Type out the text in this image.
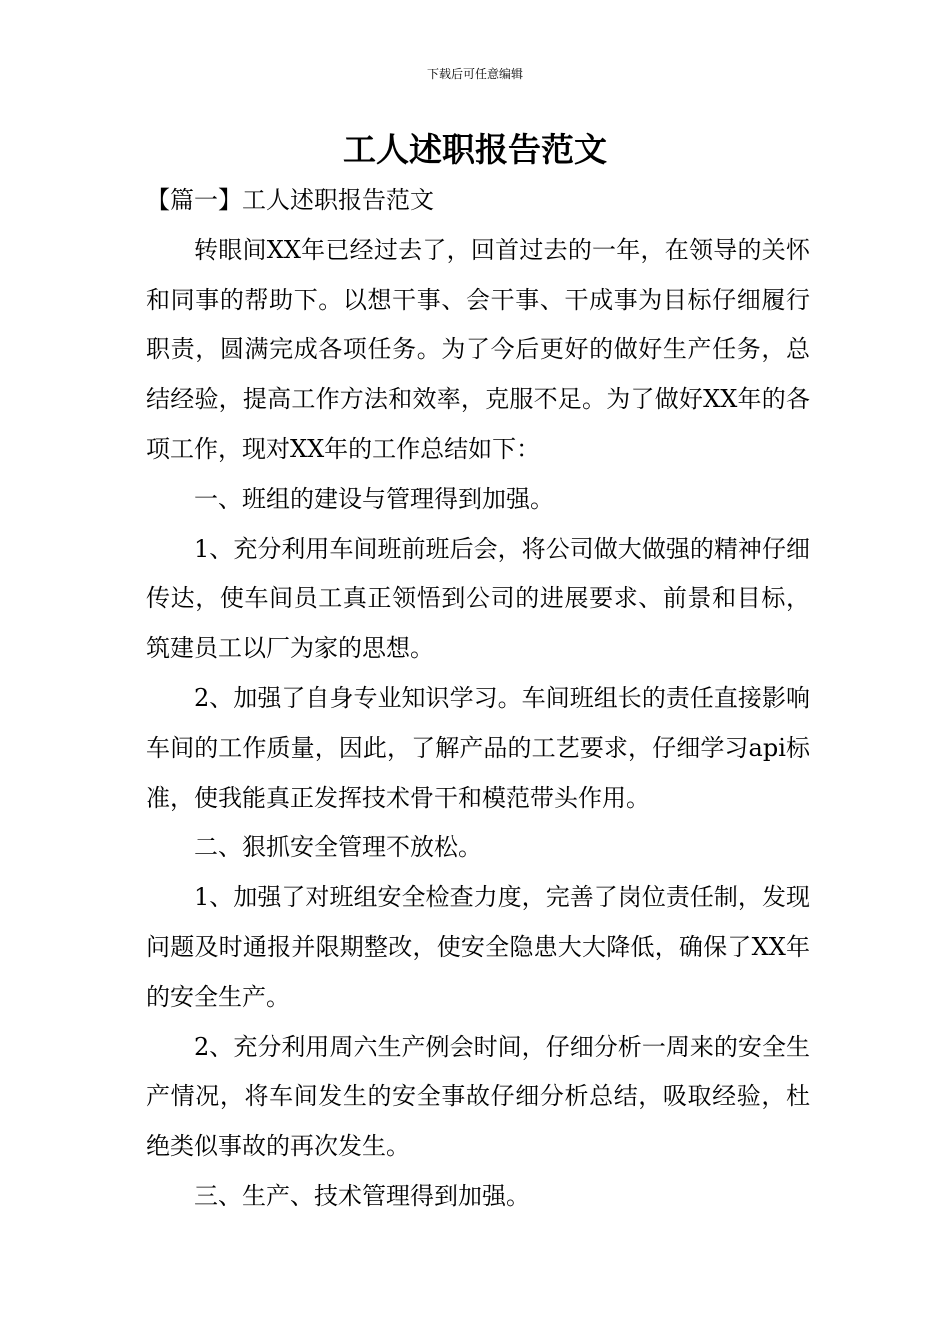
下载后可任意编辑
工人述职报告范文

【篇一】工人述职报告范文

转眼间XX年已经过去了，回首过去的一年，在领导的关怀和同事的帮助下。以想干事、会干事、干成事为目标仔细履行职责，圆满完成各项任务。为了今后更好的做好生产任务，总结经验，提高工作方法和效率，克服不足。为了做好XX年的各项工作，现对XX年的工作总结如下：

一、班组的建设与管理得到加强。

1、充分利用车间班前班后会，将公司做大做强的精神仔细传达，使车间员工真正领悟到公司的进展要求、前景和目标，筑建员工以厂为家的思想。

2、加强了自身专业知识学习。车间班组长的责任直接影响车间的工作质量，因此，了解产品的工艺要求，仔细学习api标准，使我能真正发挥技术骨干和模范带头作用。

二、狠抓安全管理不放松。

1、加强了对班组安全检查力度，完善了岗位责任制，发现问题及时通报并限期整改，使安全隐患大大降低，确保了XX年的安全生产。

2、充分利用周六生产例会时间，仔细分析一周来的安全生产情况，将车间发生的安全事故仔细分析总结，吸取经验，杜绝类似事故的再次发生。

三、生产、技术管理得到加强。
